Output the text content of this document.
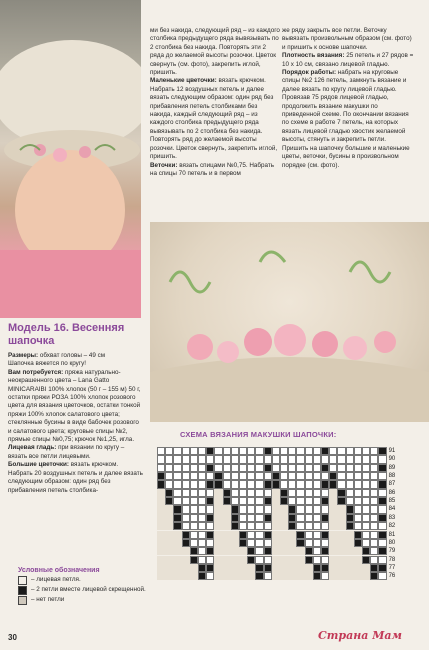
ми без накида, следующий ряд – из каждого столбика предыдущего ряда вывязывать по 2 столбика без накида. Повторять эти 2 ряда до желаемой высоты розочки. Цветок свернуть (см. фото), закрепить иглой, пришить.
Маленькие цветочки: вязать крючком. Набрать 12 воздушных петель и далее вязать следующим образом: один ряд без прибавления петель столбиками без накида, каждый следующий ряд – из каждого столбика предыдущего ряда вывязывать по 2 столбика без накида. Повторять ряд до желаемой высоты розочки. Цветок свернуть, закрепить иглой, пришить.
Веточки: вязать спицами №0,75. Набрать на спицы 70 петель и в первом
же ряду закрыть все петли. Веточку вывязать произвольным образом (см. фото) и пришить к основе шапочки.
Плотность вязания: 25 петель и 27 рядов = 10 x 10 см, связано лицевой гладью.
Порядок работы: набрать на круговые спицы №2 126 петель, замкнуть вязание и далее вязать по кругу лицевой гладью. Провязав 75 рядов лицевой гладью, продолжить вязание макушки по приведенной схеме. По окончании вязания по схеме в работе 7 петель, на которых вязать лицевой гладью хвостик желаемой высоты, стянуть и закрепить петли.
Пришить на шапочку большие и маленькие цветы, веточки, бусины в произвольном порядке (см. фото).
Модель 16. Весенняя
шапочка
Размеры: обхват головы – 49 см
Шапочка вяжется по кругу!
Вам потребуется: пряжа натурально-неокрашенного цвета – Lana Gatto MINICARAIBI 100% хлопок (50 г – 155 м) 50 г, остатки пряжи РОЗА 100% хлопок розового цвета для вязания цветочков, остатки тонкой пряжи 100% хлопок салатового цвета; стеклянные бусины в виде бабочек розового и салатового цвета; круговые спицы №2, прямые спицы №0,75; крючок №1,25, игла.
Лицевая гладь: при вязании по кругу – вязать все петли лицевыми.
Большие цветочки: вязать крючком. Набрать 20 воздушных петель и далее вязать следующим образом: один ряд без прибавления петель столбика-
СХЕМА ВЯЗАНИЯ МАКУШКИ ШАПОЧКИ:
91
90
89
88
87
86
85
84
83
82
81
80
79
78
77
76
Условные обозначения
– лицевая петля.
– 2 петли вместе лицевой скрещенной.
– нет петли
30	Страна Мам
